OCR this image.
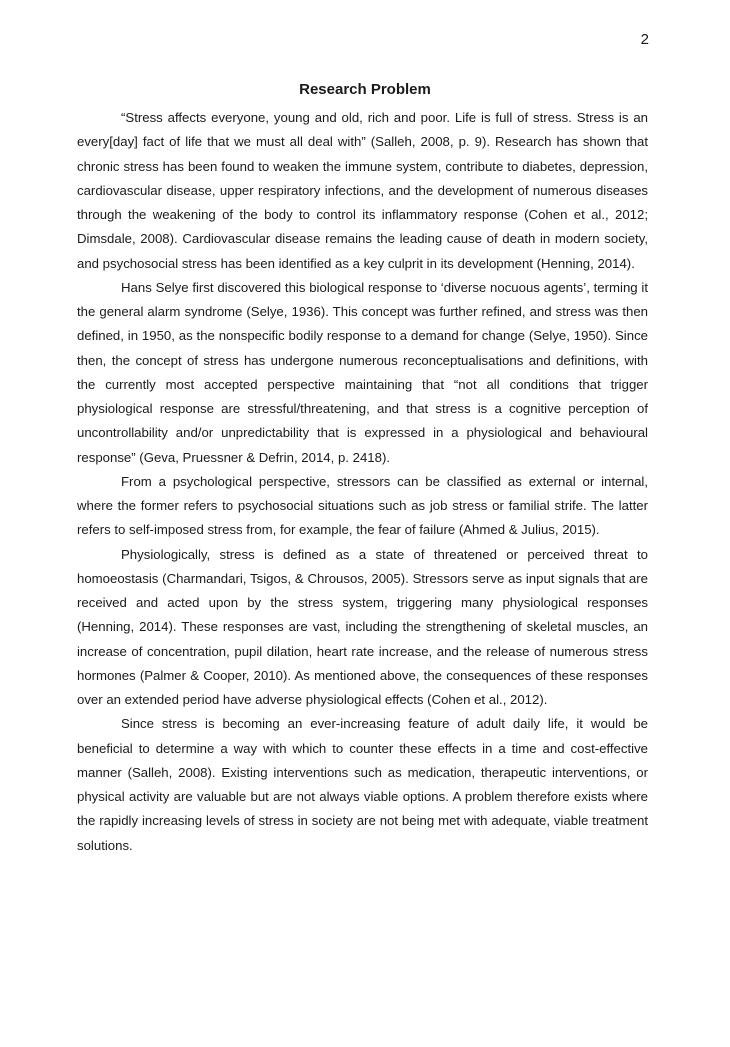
2
Research Problem

“Stress affects everyone, young and old, rich and poor. Life is full of stress. Stress is an every[day] fact of life that we must all deal with” (Salleh, 2008, p. 9). Research has shown that chronic stress has been found to weaken the immune system, contribute to diabetes, depression, cardiovascular disease, upper respiratory infections, and the development of numerous diseases through the weakening of the body to control its inflammatory response (Cohen et al., 2012; Dimsdale, 2008). Cardiovascular disease remains the leading cause of death in modern society, and psychosocial stress has been identified as a key culprit in its development (Henning, 2014).

Hans Selye first discovered this biological response to ‘diverse nocuous agents’, terming it the general alarm syndrome (Selye, 1936). This concept was further refined, and stress was then defined, in 1950, as the nonspecific bodily response to a demand for change (Selye, 1950). Since then, the concept of stress has undergone numerous reconceptualisations and definitions, with the currently most accepted perspective maintaining that “not all conditions that trigger physiological response are stressful/threatening, and that stress is a cognitive perception of uncontrollability and/or unpredictability that is expressed in a physiological and behavioural response” (Geva, Pruessner & Defrin, 2014, p. 2418).

From a psychological perspective, stressors can be classified as external or internal, where the former refers to psychosocial situations such as job stress or familial strife. The latter refers to self-imposed stress from, for example, the fear of failure (Ahmed & Julius, 2015).

Physiologically, stress is defined as a state of threatened or perceived threat to homoeostasis (Charmandari, Tsigos, & Chrousos, 2005). Stressors serve as input signals that are received and acted upon by the stress system, triggering many physiological responses (Henning, 2014). These responses are vast, including the strengthening of skeletal muscles, an increase of concentration, pupil dilation, heart rate increase, and the release of numerous stress hormones (Palmer & Cooper, 2010). As mentioned above, the consequences of these responses over an extended period have adverse physiological effects (Cohen et al., 2012).

Since stress is becoming an ever-increasing feature of adult daily life, it would be beneficial to determine a way with which to counter these effects in a time and cost-effective manner (Salleh, 2008). Existing interventions such as medication, therapeutic interventions, or physical activity are valuable but are not always viable options. A problem therefore exists where the rapidly increasing levels of stress in society are not being met with adequate, viable treatment solutions.
